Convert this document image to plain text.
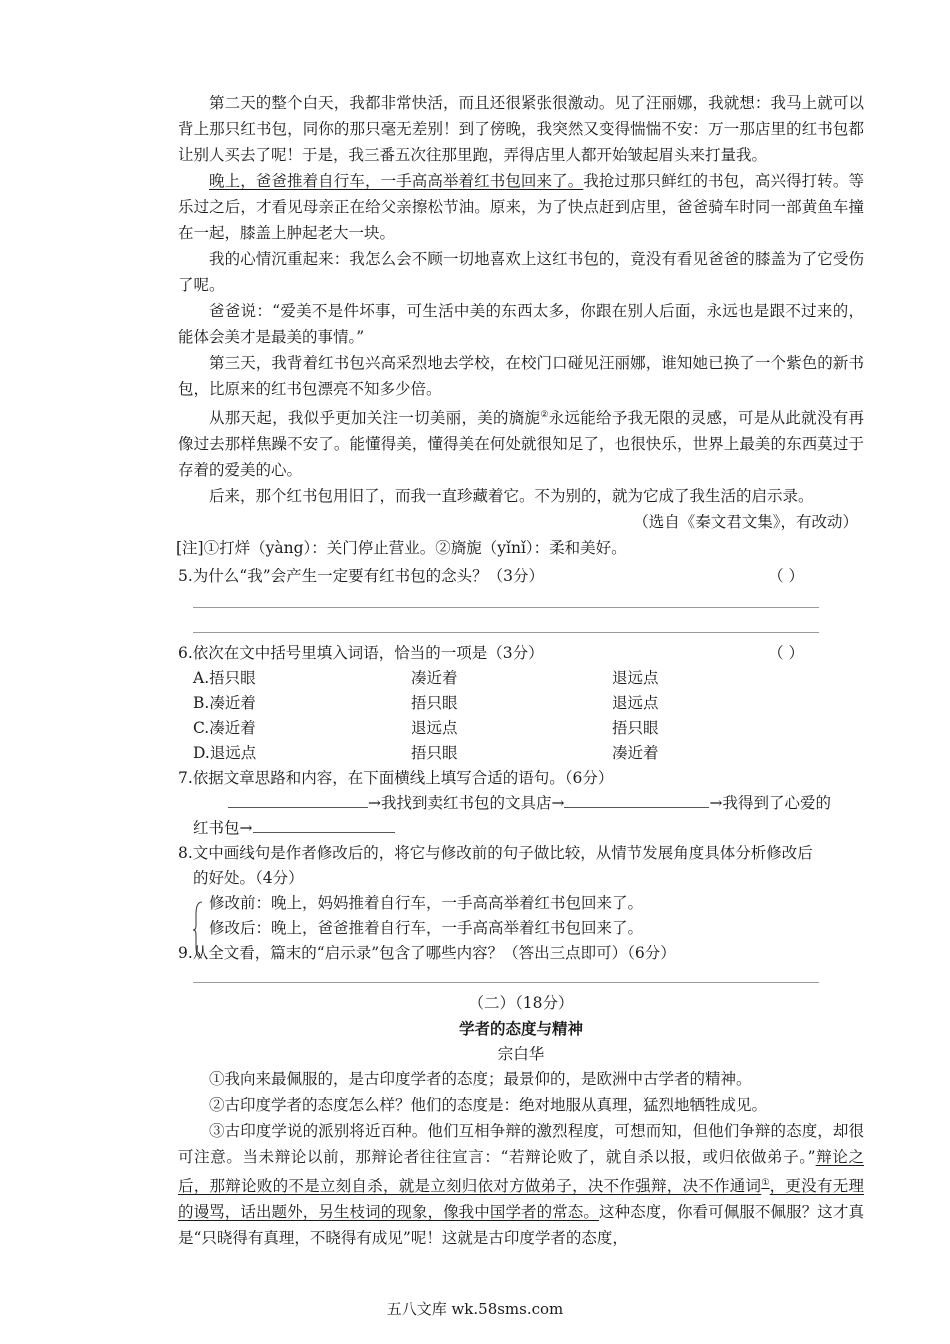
第二天的整个白天，我都非常快活，而且还很紧张很激动。见了汪丽娜，我就想：我马上就可以背上那只红书包，同你的那只毫无差别！到了傍晚，我突然又变得惴惴不安：万一那店里的红书包都让别人买去了呢！于是，我三番五次往那里跑，弄得店里人都开始皱起眉头来打量我。

晚上，爸爸推着自行车，一手高高举着红书包回来了。我抢过那只鲜红的书包，高兴得打转。等乐过之后，才看见母亲正在给父亲擦松节油。原来，为了快点赶到店里，爸爸骑车时同一部黄鱼车撞在一起，膝盖上肿起老大一块。

我的心情沉重起来：我怎么会不顾一切地喜欢上这红书包的，竟没有看见爸爸的膝盖为了它受伤了呢。

爸爸说：“爱美不是件坏事，可生活中美的东西太多，你跟在别人后面，永远也是跟不过来的，能体会美才是最美的事情。”

第三天，我背着红书包兴高采烈地去学校，在校门口碰见汪丽娜，谁知她已换了一个紫色的新书包，比原来的红书包漂亮不知多少倍。

从那天起，我似乎更加关注一切美丽，美的旖旎②永远能给予我无限的灵感，可是从此就没有再像过去那样焦躁不安了。能懂得美，懂得美在何处就很知足了，也很快乐，世界上最美的东西莫过于存着的爱美的心。

后来，那个红书包用旧了，而我一直珍藏着它。不为别的，就为它成了我生活的启示录。

（选自《秦文君文集》，有改动）

[注]①打烊（yàng）：关门停止营业。②旖旎（yǐnǐ）：柔和美好。

5.为什么“我”会产生一定要有红书包的念头？（3分）	（ ）

6.依次在文中括号里填入词语，恰当的一项是（3分）	（ ）

A.捂只眼	凑近着	退远点
B.凑近着	捂只眼	退远点
C.凑近着	退远点	捂只眼
D.退远点	捂只眼	凑近着

7.依据文章思路和内容，在下面横线上填写合适的语句。（6分）

→我找到卖红书包的文具店→	→我得到了心爱的

红书包→

8.文中画线句是作者修改后的，将它与修改前的句子做比较，从情节发展角度具体分析修改后

的好处。（4分）

修改前：晚上，妈妈推着自行车，一手高高举着红书包回来了。

修改后：晚上，爸爸推着自行车，一手高高举着红书包回来了。

9.从全文看，篇末的“启示录”包含了哪些内容？（答出三点即可）（6分）

（二）（18分）

学者的态度与精神

宗白华

①我向来最佩服的，是古印度学者的态度；最景仰的，是欧洲中古学者的精神。

②古印度学者的态度怎么样？他们的态度是：绝对地服从真理，猛烈地牺牲成见。

③古印度学说的派别将近百种。他们互相争辩的激烈程度，可想而知，但他们争辩的态度，却很可注意。当未辩论以前，那辩论者往往宣言：“若辩论败了，就自杀以报，或归依做弟子。”辩论之后，那辩论败的不是立刻自杀，就是立刻归依对方做弟子，决不作强辩，决不作通词①，更没有无理的谩骂，话出题外，另生枝词的现象，像我中国学者的常态。这种态度，你看可佩服不佩服？这才真是“只晓得有真理，不晓得有成见”呢！这就是古印度学者的态度，

五八文库 wk.58sms.com
